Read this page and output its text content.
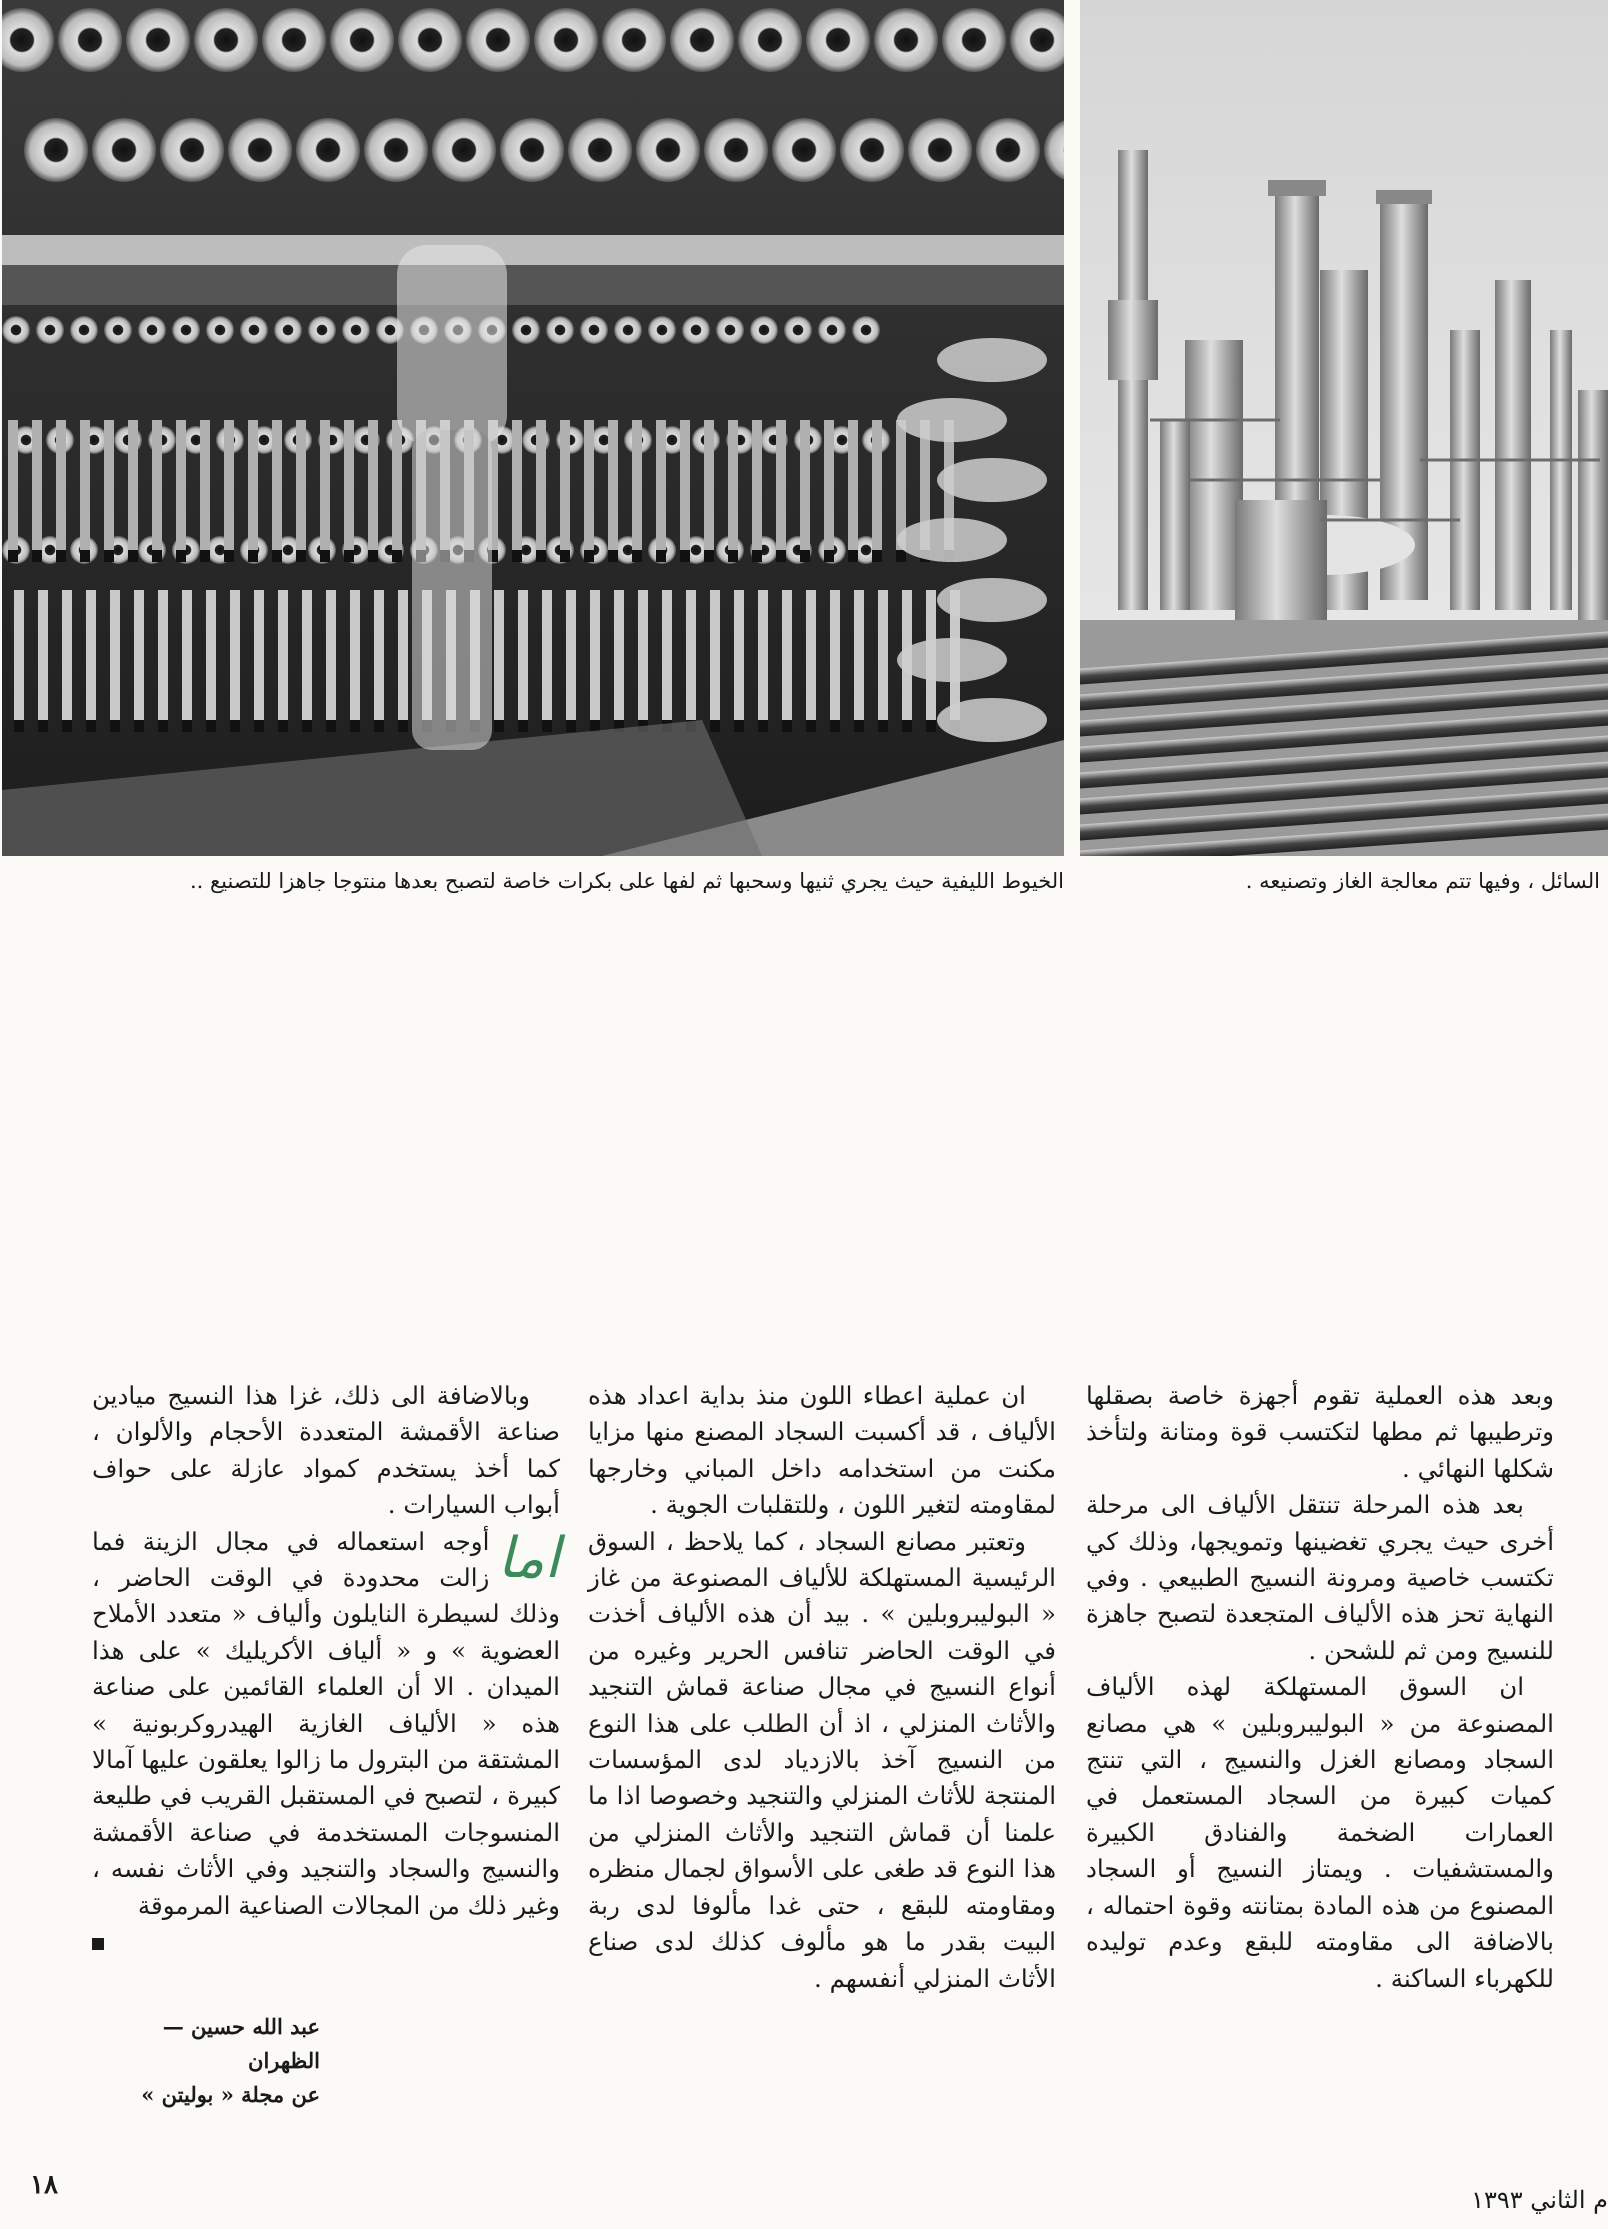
الخيوط الليفية حيث يجري ثنيها وسحبها ثم لفها على بكرات خاصة لتصبح بعدها منتوجا جاهزا للتصنيع ..	السائل ، وفيها تتم معالجة الغاز وتصنيعه .

وبعد هذه العملية تقوم أجهزة خاصة بصقلها وترطيبها ثم مطها لتكتسب قوة ومتانة ولتأخذ شكلها النهائي .

بعد هذه المرحلة تنتقل الألياف الى مرحلة أخرى حيث يجري تغضينها وتمويجها، وذلك كي تكتسب خاصية ومرونة النسيج الطبيعي . وفي النهاية تحز هذه الألياف المتجعدة لتصبح جاهزة للنسيج ومن ثم للشحن .

ان السوق المستهلكة لهذه الألياف المصنوعة من « البوليبروبلين » هي مصانع السجاد ومصانع الغزل والنسيج ، التي تنتج كميات كبيرة من السجاد المستعمل في العمارات الضخمة والفنادق الكبيرة والمستشفيات . ويمتاز النسيج أو السجاد المصنوع من هذه المادة بمتانته وقوة احتماله ، بالاضافة الى مقاومته للبقع وعدم توليده للكهرباء الساكنة .

ان عملية اعطاء اللون منذ بداية اعداد هذه الألياف ، قد أكسبت السجاد المصنع منها مزايا مكنت من استخدامه داخل المباني وخارجها لمقاومته لتغير اللون ، وللتقلبات الجوية .

وتعتبر مصانع السجاد ، كما يلاحظ ، السوق الرئيسية المستهلكة للألياف المصنوعة من غاز « البوليبروبلين » . بيد أن هذه الألياف أخذت في الوقت الحاضر تنافس الحرير وغيره من أنواع النسيج في مجال صناعة قماش التنجيد والأثاث المنزلي ، اذ أن الطلب على هذا النوع من النسيج آخذ بالازدياد لدى المؤسسات المنتجة للأثاث المنزلي والتنجيد وخصوصا اذا ما علمنا أن قماش التنجيد والأثاث المنزلي من هذا النوع قد طغى على الأسواق لجمال منظره ومقاومته للبقع ، حتى غدا مألوفا لدى ربة البيت بقدر ما هو مألوف كذلك لدى صناع الأثاث المنزلي أنفسهم .

وبالاضافة الى ذلك، غزا هذا النسيج ميادين صناعة الأقمشة المتعددة الأحجام والألوان ، كما أخذ يستخدم كمواد عازلة على حواف أبواب السيارات .

اما
أوجه استعماله في مجال الزينة فما زالت محدودة في الوقت الحاضر ، وذلك لسيطرة النايلون وألياف « متعدد الأملاح العضوية » و « ألياف الأكريليك » على هذا الميدان . الا أن العلماء القائمين على صناعة هذه « الألياف الغازية الهيدروكربونية » المشتقة من البترول ما زالوا يعلقون عليها آمالا كبيرة ، لتصبح في المستقبل القريب في طليعة المنسوجات المستخدمة في صناعة الأقمشة والنسيج والسجاد والتنجيد وفي الأثاث نفسه ، وغير ذلك من المجالات الصناعية المرموقة

عبد الله حسين — الظهران
عن مجلة « بوليتن »
١٨	م الثاني ١٣٩٣
